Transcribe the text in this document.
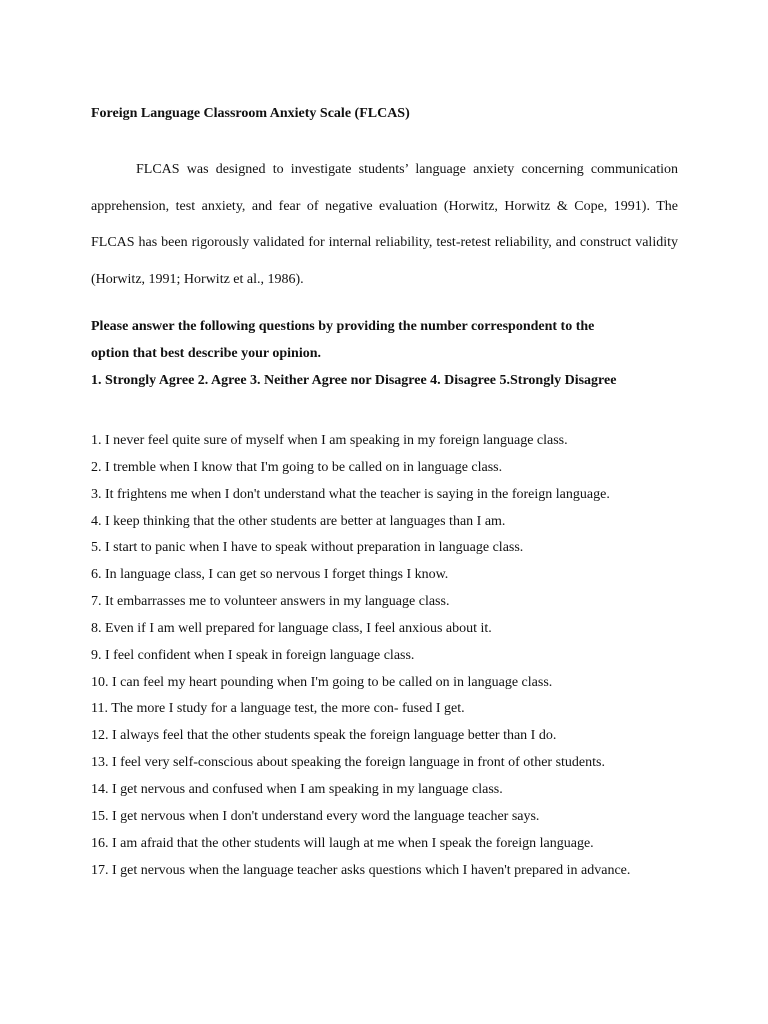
Foreign Language Classroom Anxiety Scale (FLCAS)

FLCAS was designed to investigate students’ language anxiety concerning communication apprehension, test anxiety, and fear of negative evaluation (Horwitz, Horwitz & Cope, 1991). The FLCAS has been rigorously validated for internal reliability, test-retest reliability, and construct validity (Horwitz, 1991; Horwitz et al., 1986).

Please answer the following questions by providing the number correspondent to the
option that best describe your opinion.
1. Strongly Agree 2. Agree 3. Neither Agree nor Disagree 4. Disagree 5.Strongly Disagree
1. I never feel quite sure of myself when I am speaking in my foreign language class.
2. I tremble when I know that I'm going to be called on in language class.
3. It frightens me when I don't understand what the teacher is saying in the foreign language.
4. I keep thinking that the other students are better at languages than I am.
5. I start to panic when I have to speak without preparation in language class.
6. In language class, I can get so nervous I forget things I know.
7. It embarrasses me to volunteer answers in my language class.
8. Even if I am well prepared for language class, I feel anxious about it.
9. I feel confident when I speak in foreign language class.
10. I can feel my heart pounding when I'm going to be called on in language class.
11. The more I study for a language test, the more con- fused I get.
12. I always feel that the other students speak the foreign language better than I do.
13. I feel very self-conscious about speaking the foreign language in front of other students.
14. I get nervous and confused when I am speaking in my language class.
15. I get nervous when I don't understand every word the language teacher says.
16. I am afraid that the other students will laugh at me when I speak the foreign language.
17. I get nervous when the language teacher asks questions which I haven't prepared in advance.
